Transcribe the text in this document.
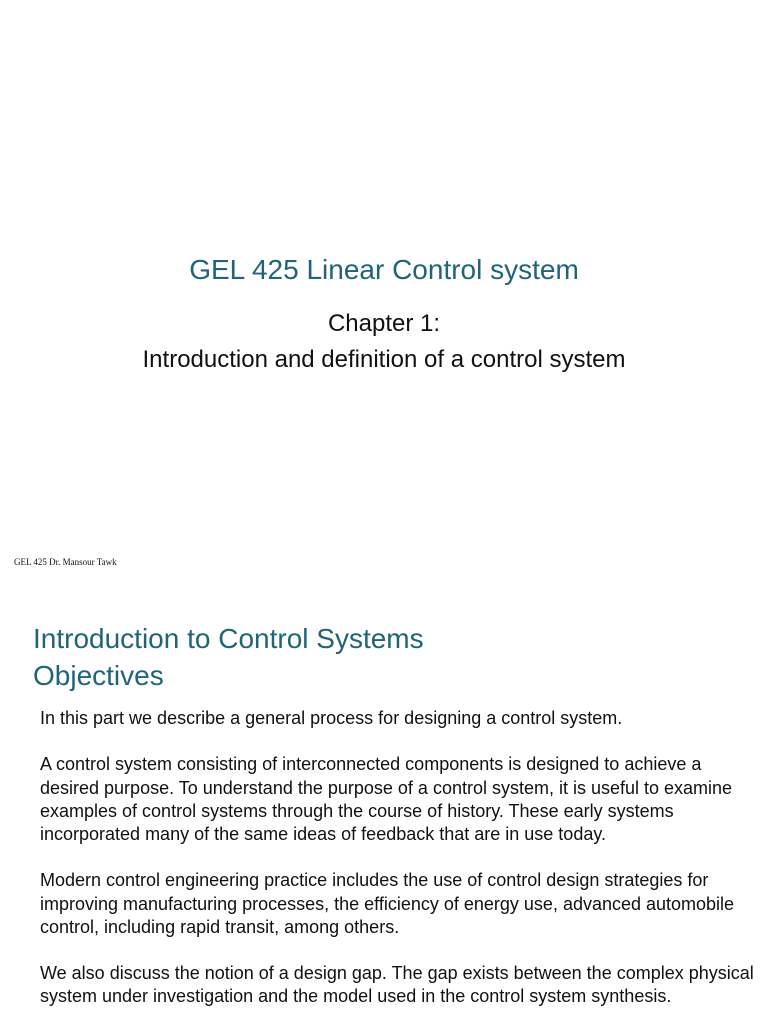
GEL 425 Linear Control system
Chapter 1:
Introduction and definition of a control system
GEL 425 Dr. Mansour Tawk
Introduction to Control Systems
Objectives

In this part we describe a general process for designing a control system.

A control system consisting of interconnected components is designed to achieve a desired purpose. To understand the purpose of a control system, it is useful to examine examples of control systems through the course of history. These early systems incorporated many of the same ideas of feedback that are in use today.

Modern control engineering practice includes the use of control design strategies for improving manufacturing processes, the efficiency of energy use, advanced automobile control, including rapid transit, among others.

We also discuss the notion of a design gap. The gap exists between the complex physical system under investigation and the model used in the control system synthesis.
